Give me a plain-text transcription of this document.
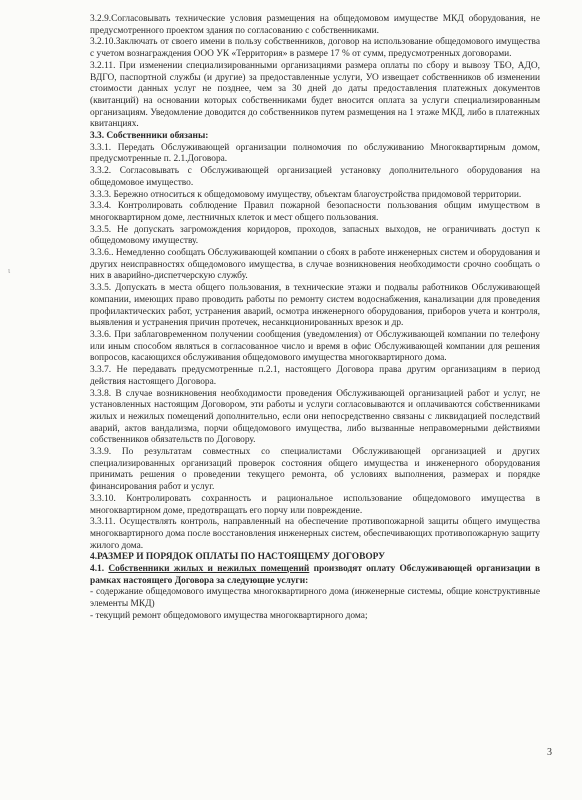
ι

3.2.9.Согласовывать технические условия размещения на общедомовом имуществе МКД оборудования, не предусмотренного проектом здания по согласованию с собственниками.

3.2.10.Заключать от своего имени в пользу собственников, договор на использование общедомового имущества с учетом вознаграждения ООО УК «Территория» в размере 17 % от сумм, предусмотренных договорами.

3.2.11. При изменении специализированными организациями размера оплаты по сбору и вывозу ТБО, АДО, ВДГО, паспортной службы (и другие) за предоставленные услуги, УО извещает собственников об изменении стоимости данных услуг не позднее, чем за 30 дней до даты предоставления платежных документов (квитанций) на основании которых собственниками будет вносится оплата за услуги специализированным организациям. Уведомление доводится до собственников путем размещения на 1 этаже МКД, либо в платежных квитанциях.

3.3. Собственники обязаны:

3.3.1. Передать Обслуживающей организации полномочия по обслуживанию Многоквартирным домом, предусмотренные п. 2.1.Договора.

3.3.2. Согласовывать с Обслуживающей организацией установку дополнительного оборудования на общедомовое имущество.

3.3.3. Бережно относиться к общедомовому имуществу, объектам благоустройства придомовой территории.

3.3.4. Контролировать соблюдение Правил пожарной безопасности пользования общим имуществом в многоквартирном доме, лестничных клеток и мест общего пользования.

3.3.5. Не допускать загромождения коридоров, проходов, запасных выходов, не ограничивать доступ к общедомовому имуществу.

3.3.6.. Немедленно сообщать Обслуживающей компании о сбоях в работе инженерных систем и оборудования и других неисправностях общедомового имущества, в случае возникновения необходимости срочно сообщать о них в аварийно-диспетчерскую службу.

3.3.5. Допускать в места общего пользования, в технические этажи и подвалы работников Обслуживающей компании, имеющих право проводить работы по ремонту систем водоснабжения, канализации для проведения профилактических работ, устранения аварий, осмотра инженерного оборудования, приборов учета и контроля, выявления и устранения причин протечек, несанкционированных врезок и др.

3.3.6. При заблаговременном получении сообщения (уведомления) от Обслуживающей компании по телефону или иным способом являться в согласованное число и время в офис Обслуживающей компании для решения вопросов, касающихся обслуживания общедомового имущества многоквартирного дома.

3.3.7. Не передавать предусмотренные п.2.1, настоящего Договора права другим организациям в период действия настоящего Договора.

3.3.8. В случае возникновения необходимости проведения Обслуживающей организацией работ и услуг, не установленных настоящим Договором, эти работы и услуги согласовываются и оплачиваются собственниками жилых и нежилых помещений дополнительно, если они непосредственно связаны с ликвидацией последствий аварий, актов вандализма, порчи общедомового имущества, либо вызванные неправомерными действиями собственников обязательств по Договору.

3.3.9. По результатам совместных со специалистами Обслуживающей организацией и других специализированных организаций проверок состояния общего имущества и инженерного оборудования принимать решения о проведении текущего ремонта, об условиях выполнения, размерах и порядке финансирования работ и услуг.

3.3.10. Контролировать сохранность и рациональное использование общедомового имущества в многоквартирном доме, предотвращать его порчу или повреждение.

3.3.11. Осуществлять контроль, направленный на обеспечение противопожарной защиты общего имущества многоквартирного дома после восстановления инженерных систем, обеспечивающих противопожарную защиту жилого дома.

4.РАЗМЕР И ПОРЯДОК ОПЛАТЫ ПО НАСТОЯЩЕМУ ДОГОВОРУ

4.1. Собственники жилых и нежилых помещений производят оплату Обслуживающей организации в рамках настоящего Договора за следующие услуги:

- содержание общедомового имущества многоквартирного дома (инженерные системы, общие конструктивные элементы МКД)

- текущий ремонт общедомового имущества многоквартирного дома;

3
